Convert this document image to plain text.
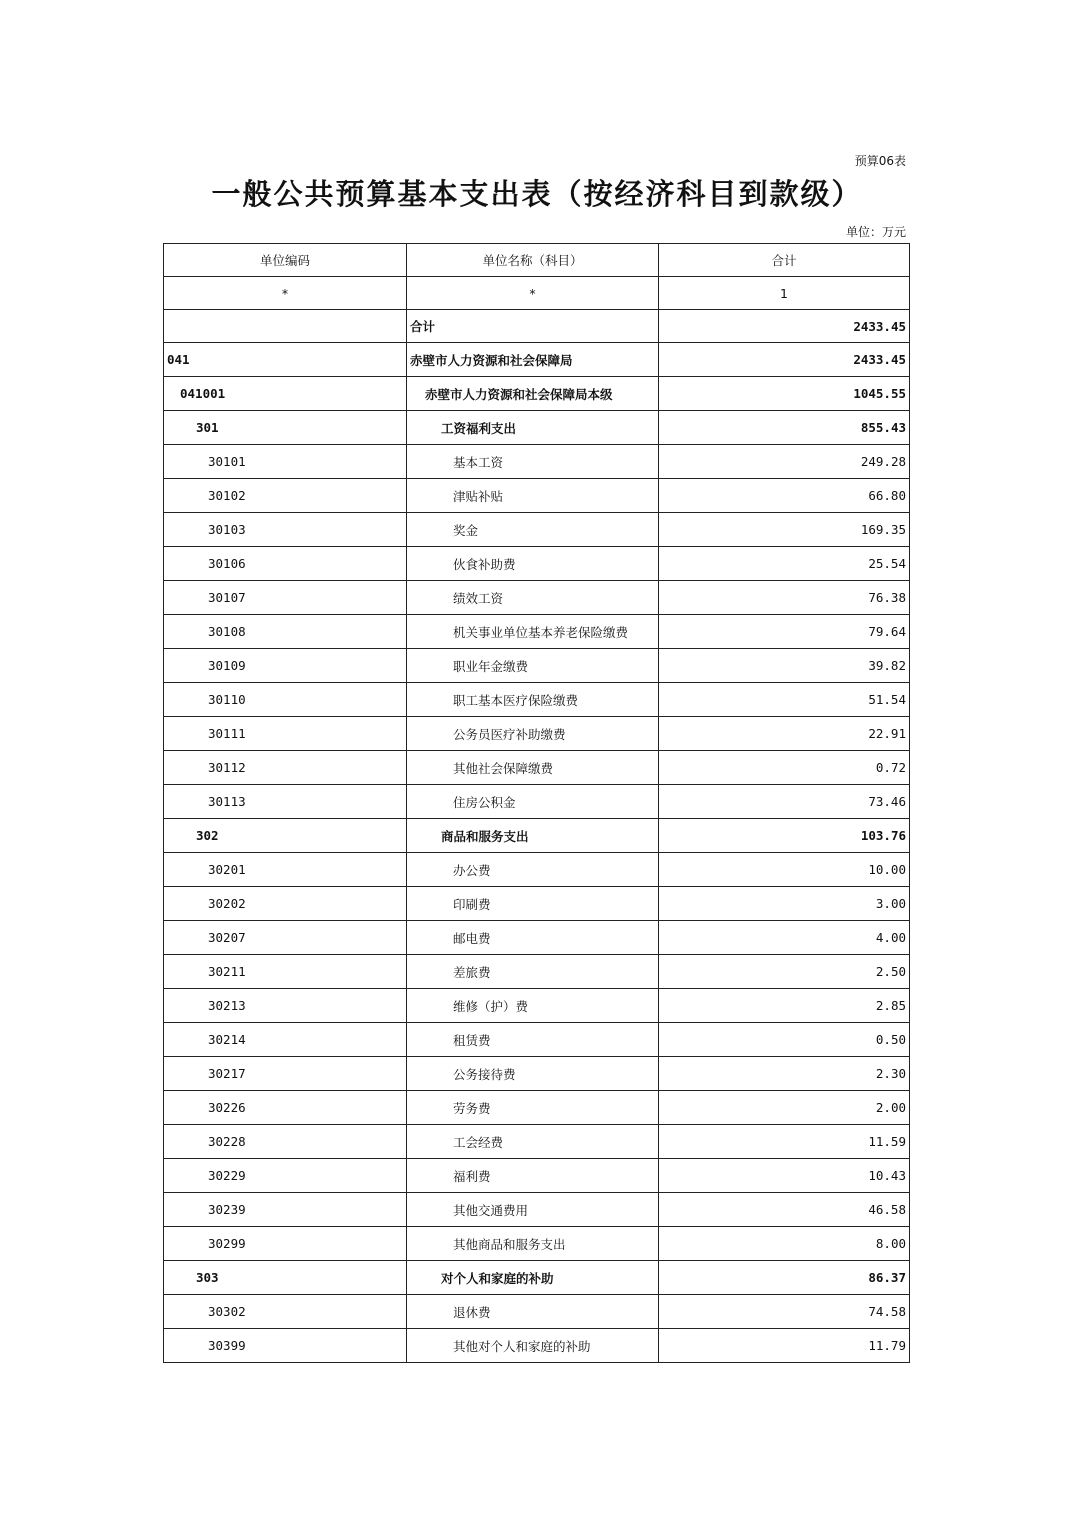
预算06表
一般公共预算基本支出表（按经济科目到款级）
单位：万元
单位编码	单位名称（科目）	合计
*	*	1
	合计	2433.45
041	赤壁市人力资源和社会保障局	2433.45
041001	赤壁市人力资源和社会保障局本级	1045.55
301	工资福利支出	855.43
30101	基本工资	249.28
30102	津贴补贴	66.80
30103	奖金	169.35
30106	伙食补助费	25.54
30107	绩效工资	76.38
30108	机关事业单位基本养老保险缴费	79.64
30109	职业年金缴费	39.82
30110	职工基本医疗保险缴费	51.54
30111	公务员医疗补助缴费	22.91
30112	其他社会保障缴费	0.72
30113	住房公积金	73.46
302	商品和服务支出	103.76
30201	办公费	10.00
30202	印刷费	3.00
30207	邮电费	4.00
30211	差旅费	2.50
30213	维修（护）费	2.85
30214	租赁费	0.50
30217	公务接待费	2.30
30226	劳务费	2.00
30228	工会经费	11.59
30229	福利费	10.43
30239	其他交通费用	46.58
30299	其他商品和服务支出	8.00
303	对个人和家庭的补助	86.37
30302	退休费	74.58
30399	其他对个人和家庭的补助	11.79
